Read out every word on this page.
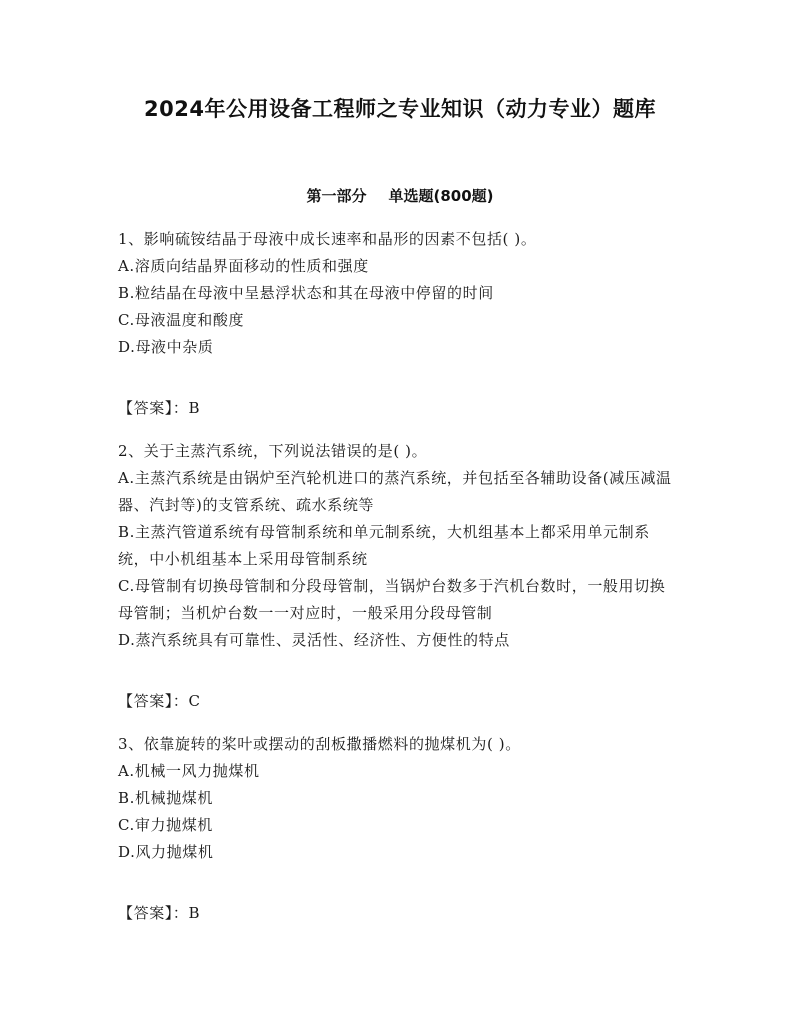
2024年公用设备工程师之专业知识（动力专业）题库
第一部分 单选题(800题)

1、影响硫铵结晶于母液中成长速率和晶形的因素不包括( )。

A.溶质向结晶界面移动的性质和强度

B.粒结晶在母液中呈悬浮状态和其在母液中停留的时间

C.母液温度和酸度

D.母液中杂质

【答案】：B

2、关于主蒸汽系统，下列说法错误的是( )。

A.主蒸汽系统是由锅炉至汽轮机进口的蒸汽系统，并包括至各辅助设备(减压减温器、汽封等)的支管系统、疏水系统等

B.主蒸汽管道系统有母管制系统和单元制系统，大机组基本上都采用单元制系统，中小机组基本上采用母管制系统

C.母管制有切换母管制和分段母管制，当锅炉台数多于汽机台数时，一般用切换母管制；当机炉台数一一对应时，一般采用分段母管制

D.蒸汽系统具有可靠性、灵活性、经济性、方便性的特点

【答案】：C

3、依靠旋转的桨叶或摆动的刮板撒播燃料的抛煤机为( )。

A.机械一风力抛煤机

B.机械抛煤机

C.审力抛煤机

D.风力抛煤机

【答案】：B
